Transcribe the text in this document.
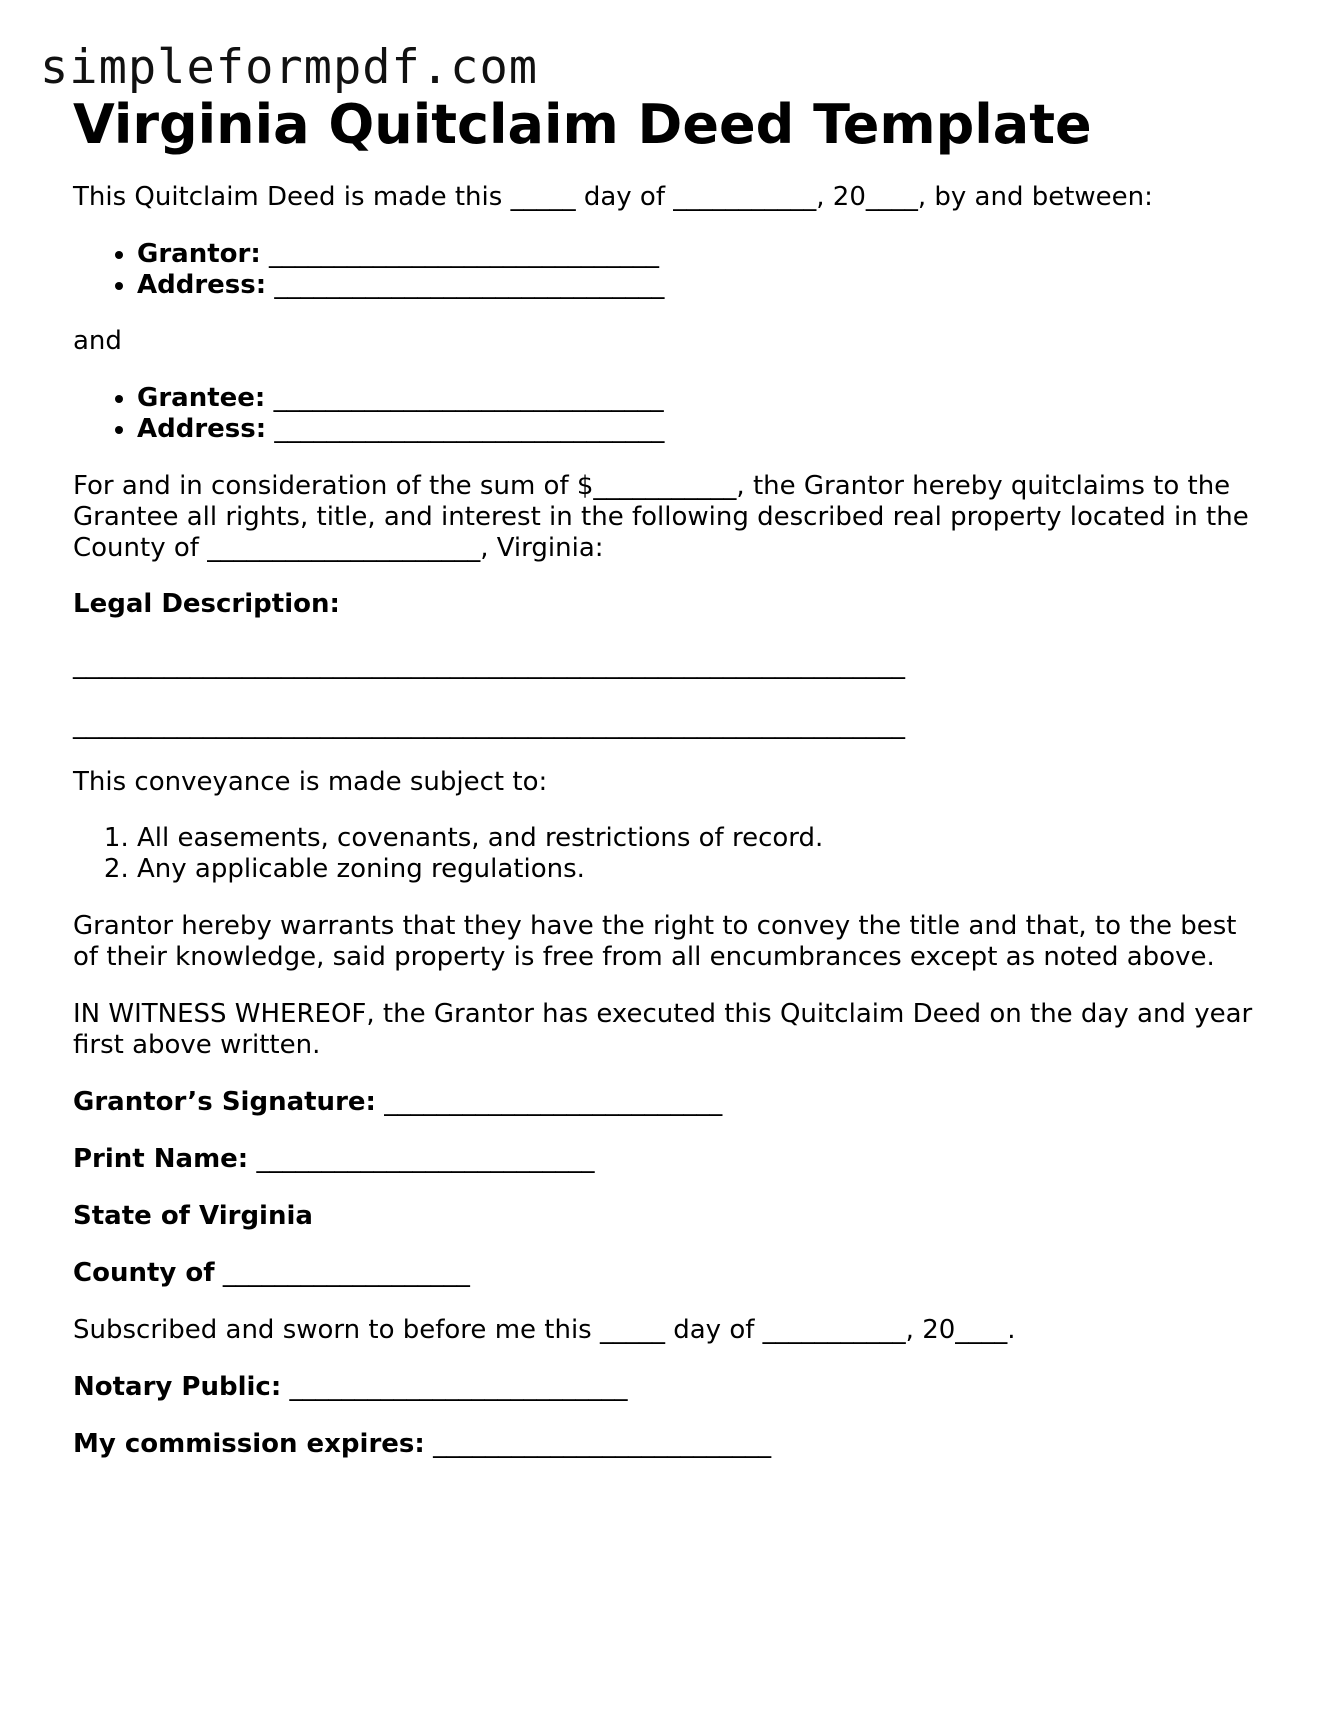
simpleformpdf.com
Virginia Quitclaim Deed Template

This Quitclaim Deed is made this _____ day of ___________, 20____, by and between:

• Grantor: ______________________________
• Address: ______________________________

and

• Grantee: ______________________________
• Address: ______________________________

For and in consideration of the sum of $___________, the Grantor hereby quitclaims to the Grantee all rights, title, and interest in the following described real property located in the County of _____________________, Virginia:

Legal Description:

________________________________________________________________

________________________________________________________________

This conveyance is made subject to:

1. All easements, covenants, and restrictions of record.
2. Any applicable zoning regulations.

Grantor hereby warrants that they have the right to convey the title and that, to the best of their knowledge, said property is free from all encumbrances except as noted above.

IN WITNESS WHEREOF, the Grantor has executed this Quitclaim Deed on the day and year first above written.

Grantor’s Signature: __________________________

Print Name: __________________________

State of Virginia

County of ___________________

Subscribed and sworn to before me this _____ day of ___________, 20____.

Notary Public: __________________________

My commission expires: __________________________
